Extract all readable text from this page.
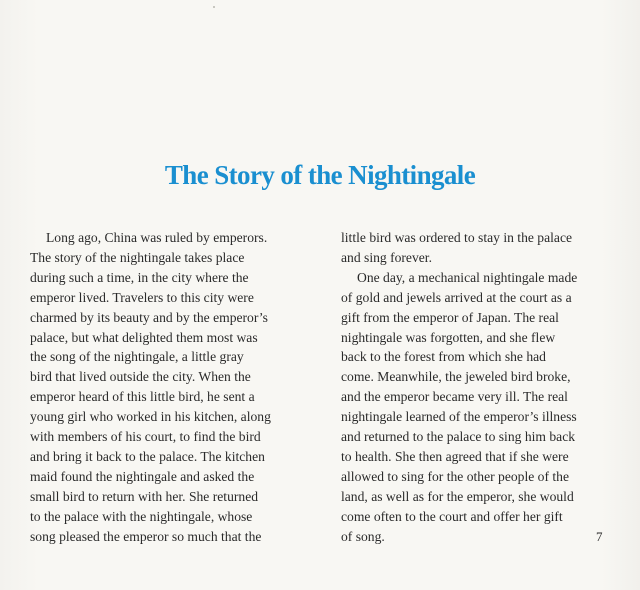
The Story of the Nightingale
Long ago, China was ruled by emperors.
The story of the nightingale takes place
during such a time, in the city where the
emperor lived. Travelers to this city were
charmed by its beauty and by the emperor’s
palace, but what delighted them most was
the song of the nightingale, a little gray
bird that lived outside the city. When the
emperor heard of this little bird, he sent a
young girl who worked in his kitchen, along
with members of his court, to find the bird
and bring it back to the palace. The kitchen
maid found the nightingale and asked the
small bird to return with her. She returned
to the palace with the nightingale, whose
song pleased the emperor so much that the
little bird was ordered to stay in the palace
and sing forever.
One day, a mechanical nightingale made
of gold and jewels arrived at the court as a
gift from the emperor of Japan. The real
nightingale was forgotten, and she flew
back to the forest from which she had
come. Meanwhile, the jeweled bird broke,
and the emperor became very ill. The real
nightingale learned of the emperor’s illness
and returned to the palace to sing him back
to health. She then agreed that if she were
allowed to sing for the other people of the
land, as well as for the emperor, she would
come often to the court and offer her gift
of song.	7
